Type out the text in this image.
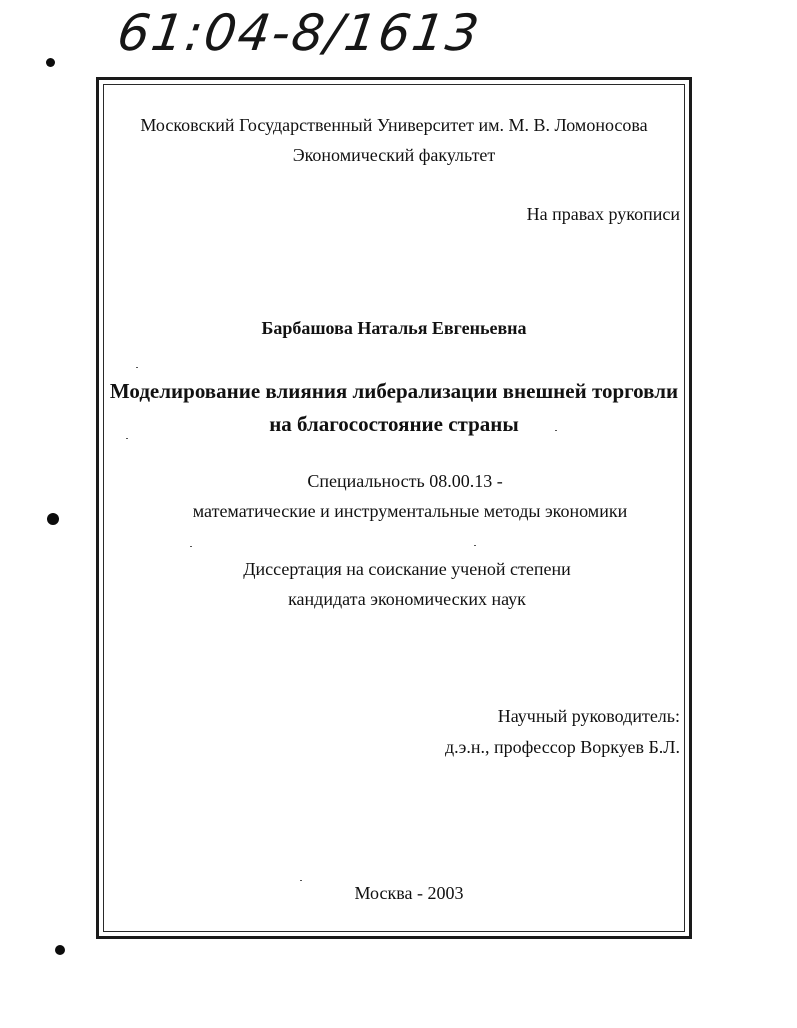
61:04-8/1613
Московский Государственный Университет им. М. В. Ломоносова
Экономический факультет
На правах рукописи
Барбашова Наталья Евгеньевна
Моделирование влияния либерализации внешней торговли
на благосостояние страны
Специальность 08.00.13 -
математические и инструментальные методы экономики
Диссертация на соискание ученой степени
кандидата экономических наук
Научный руководитель:
д.э.н., профессор Воркуев Б.Л.
Москва - 2003
